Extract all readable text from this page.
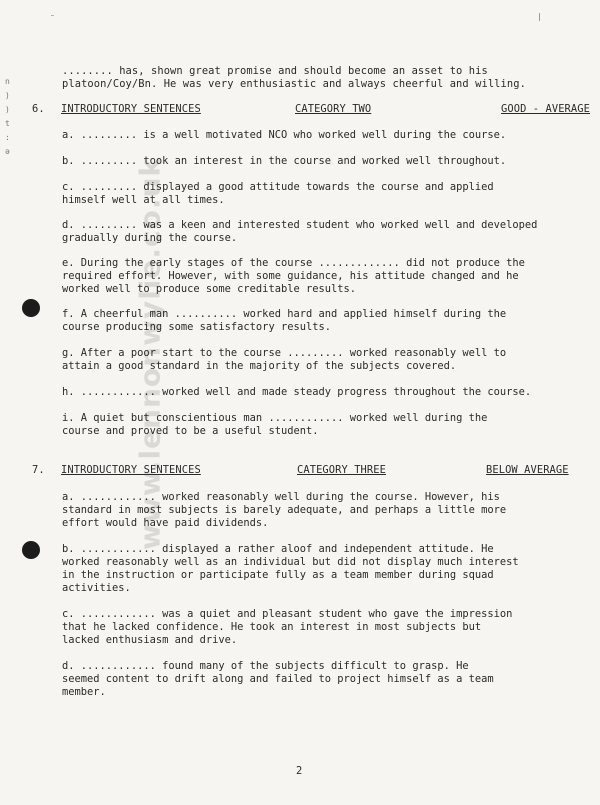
www.lennonwylie.co.uk
˜	|
n
)
)
t
:
ə
........ has, shown great promise and should become an asset to his
platoon/Coy/Bn. He was very enthusiastic and always cheerful and willing.
6. INTRODUCTORY SENTENCES	CATEGORY TWO	GOOD - AVERAGE
a. ......... is a well motivated NCO who worked well during the course.
b. ......... took an interest in the course and worked well throughout.
c. ......... displayed a good attitude towards the course and applied
himself well at all times.
d. ......... was a keen and interested student who worked well and developed
gradually during the course.
e. During the early stages of the course ............. did not produce the
required effort. However, with some guidance, his attitude changed and he
worked well to produce some creditable results.
f. A cheerful man .......... worked hard and applied himself during the
course producing some satisfactory results.
g. After a poor start to the course ......... worked reasonably well to
attain a good standard in the majority of the subjects covered.
h. ............ worked well and made steady progress throughout the course.
i. A quiet but conscientious man ............ worked well during the
course and proved to be a useful student.
7. INTRODUCTORY SENTENCES	CATEGORY THREE	BELOW AVERAGE
a. ............ worked reasonably well during the course. However, his
standard in most subjects is barely adequate, and perhaps a little more
effort would have paid dividends.
b. ............ displayed a rather aloof and independent attitude. He
worked reasonably well as an individual but did not display much interest
in the instruction or participate fully as a team member during squad
activities.
c. ............ was a quiet and pleasant student who gave the impression
that he lacked confidence. He took an interest in most subjects but
lacked enthusiasm and drive.
d. ............ found many of the subjects difficult to grasp. He
seemed content to drift along and failed to project himself as a team
member.
2
